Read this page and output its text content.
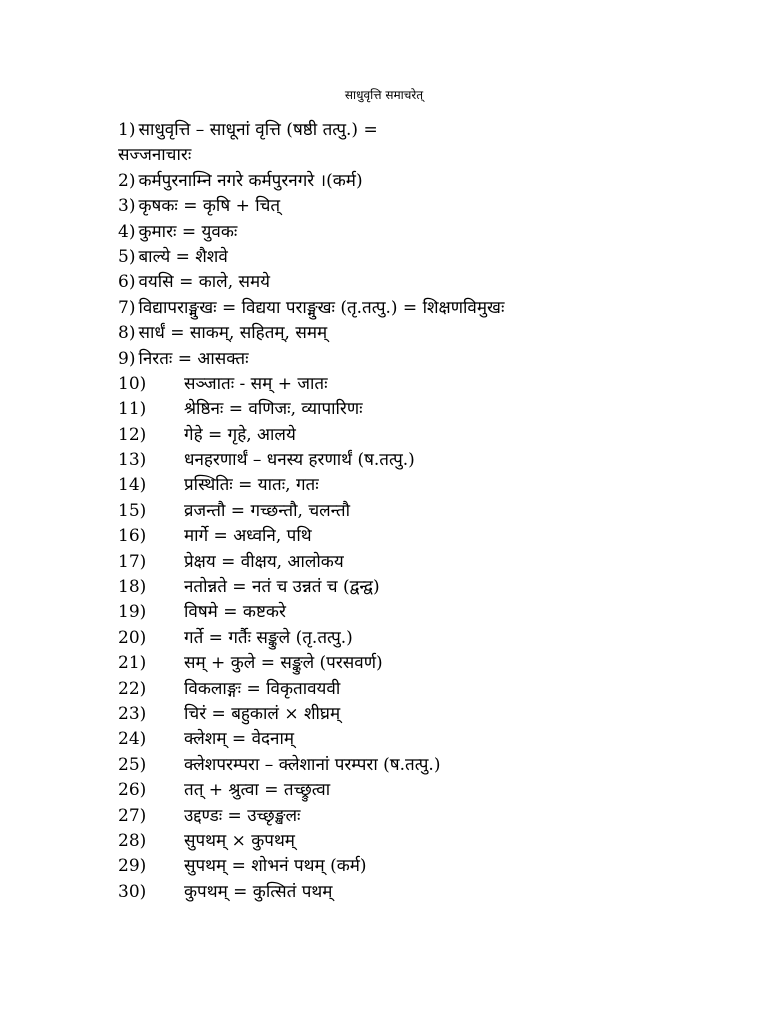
साधुवृत्ति समाचरेत्
1) साधुवृत्ति – साधूनां वृत्ति (षष्ठी तत्पु.) =
सज्जनाचारः
2) कर्मपुरनाम्नि नगरे कर्मपुरनगरे ।(कर्म)
3) कृषकः = कृषि + चित्
4) कुमारः = युवकः
5) बाल्ये = शैशवे
6) वयसि = काले, समये
7) विद्यापराङ्मुखः = विद्यया पराङ्मुखः (तृ.तत्पु.) = शिक्षणविमुखः
8) सार्धं = साकम्, सहितम्, समम्
9) निरतः = आसक्तः
10) सञ्जातः - सम् + जातः
11) श्रेष्ठिनः = वणिजः, व्यापारिणः
12) गेहे = गृहे, आलये
13) धनहरणार्थं – धनस्य हरणार्थं (ष.तत्पु.)
14) प्रस्थितिः = यातः, गतः
15) व्रजन्तौ = गच्छन्तौ, चलन्तौ
16) मार्गे = अध्वनि, पथि
17) प्रेक्षय = वीक्षय, आलोकय
18) नतोन्नते = नतं च उन्नतं च (द्वन्द्व)
19) विषमे = कष्टकरे
20) गर्ते = गर्तैः सङ्कुले (तृ.तत्पु.)
21) सम् + कुले = सङ्कुले (परसवर्ण)
22) विकलाङ्गः = विकृतावयवी
23) चिरं = बहुकालं × शीघ्रम्
24) क्लेशम् = वेदनाम्
25) क्लेशपरम्परा – क्लेशानां परम्परा (ष.तत्पु.)
26) तत् + श्रुत्वा = तच्छ्रुत्वा
27) उद्दण्डः = उच्छृङ्खलः
28) सुपथम् × कुपथम्
29) सुपथम् = शोभनं पथम् (कर्म)
30) कुपथम् = कुत्सितं पथम्
